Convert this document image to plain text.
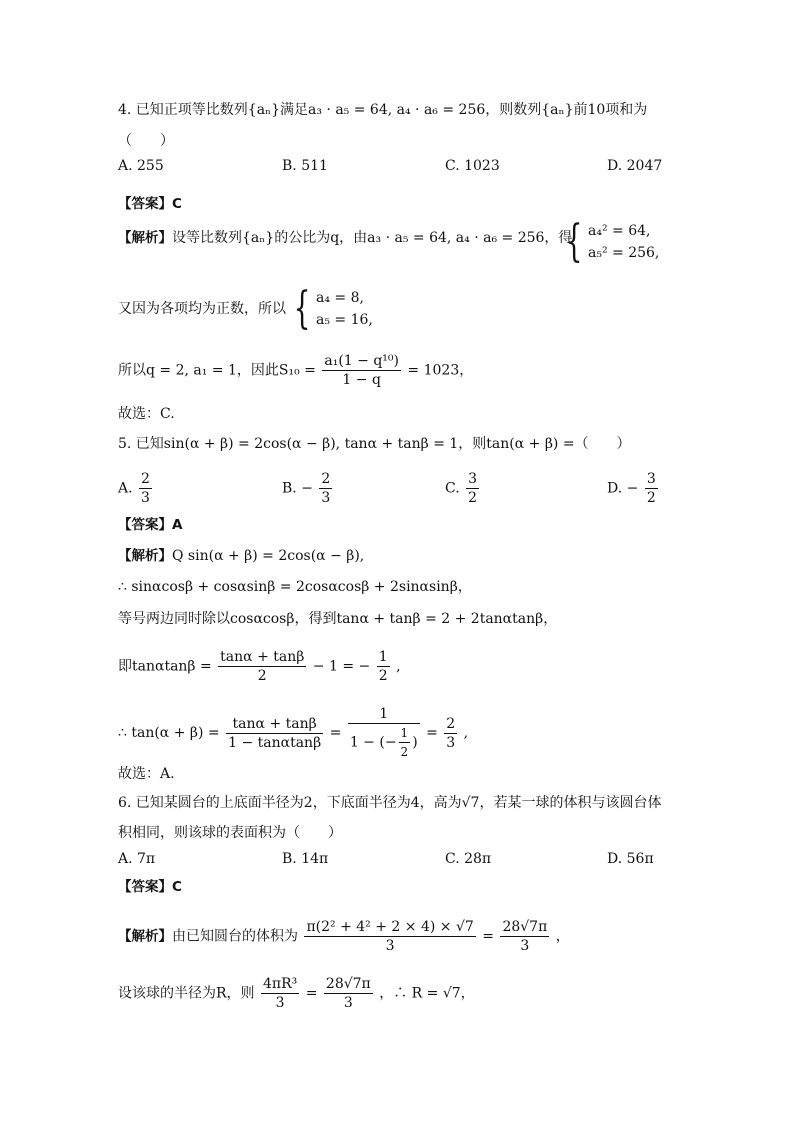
4. 已知正项等比数列{aₙ}满足a₃ · a₅ = 64, a₄ · a₆ = 256，则数列{aₙ}前10项和为
（　　）
A. 255	B. 511	C. 1023	D. 2047
【答案】C
【解析】设等比数列{aₙ}的公比为q，由a₃ · a₅ = 64, a₄ · a₆ = 256，得
{ a₄² = 64,
a₅² = 256,
又因为各项均为正数，所以 { a₄ = 8,
a₅ = 16,
所以q = 2, a₁ = 1，因此$S_{10} = \frac{\text{a₁(1 − q¹⁰)}}{1 - q} = 1023$，
故选：C.
5. 已知sin(α + β) = 2cos(α − β), tanα + tanβ = 1，则tan(α + β) =（　　）
A. $\frac{2}{3}$	B. − $\frac{2}{3}$	C. $\frac{3}{2}$	D. − $\frac{3}{2}$
【答案】A
【解析】Q sin(α + β) = 2cos(α − β),
∴ sinαcosβ + cosαsinβ = 2cosαcosβ + 2sinαsinβ，
等号两边同时除以cosαcosβ，得到tanα + tanβ = 2 + 2tanαtanβ，
即$\tan\alpha\tan\beta = \frac{\tan\alpha + \tan\beta}{2} - 1$ = − $\frac{1}{2}$ ,
∴ $\tan(\alpha + \beta) = \frac{\tan\alpha + \tan\beta}{1 - \tan\alpha\tan\beta} = \frac{1}{1 - (- \frac{1}{2} )} = \frac{2}{3}$ ,
故选：A.
6. 已知某圆台的上底面半径为2，下底面半径为4，高为√7，若某一球的体积与该圆台体
积相同，则该球的表面积为（　　）
A. 7π	B. 14π	C. 28π	D. 56π
【答案】C
【解析】由已知圆台的体积为 $\frac{\text{π(2² + 4² + 2 × 4) × √7}}{3} = \frac{28√7\pi}{3}$ ，
设该球的半径为R，则 $\frac{\text{4πR³}}{3} = \frac{28√7\pi}{3}$ ，∴ R = √7，
